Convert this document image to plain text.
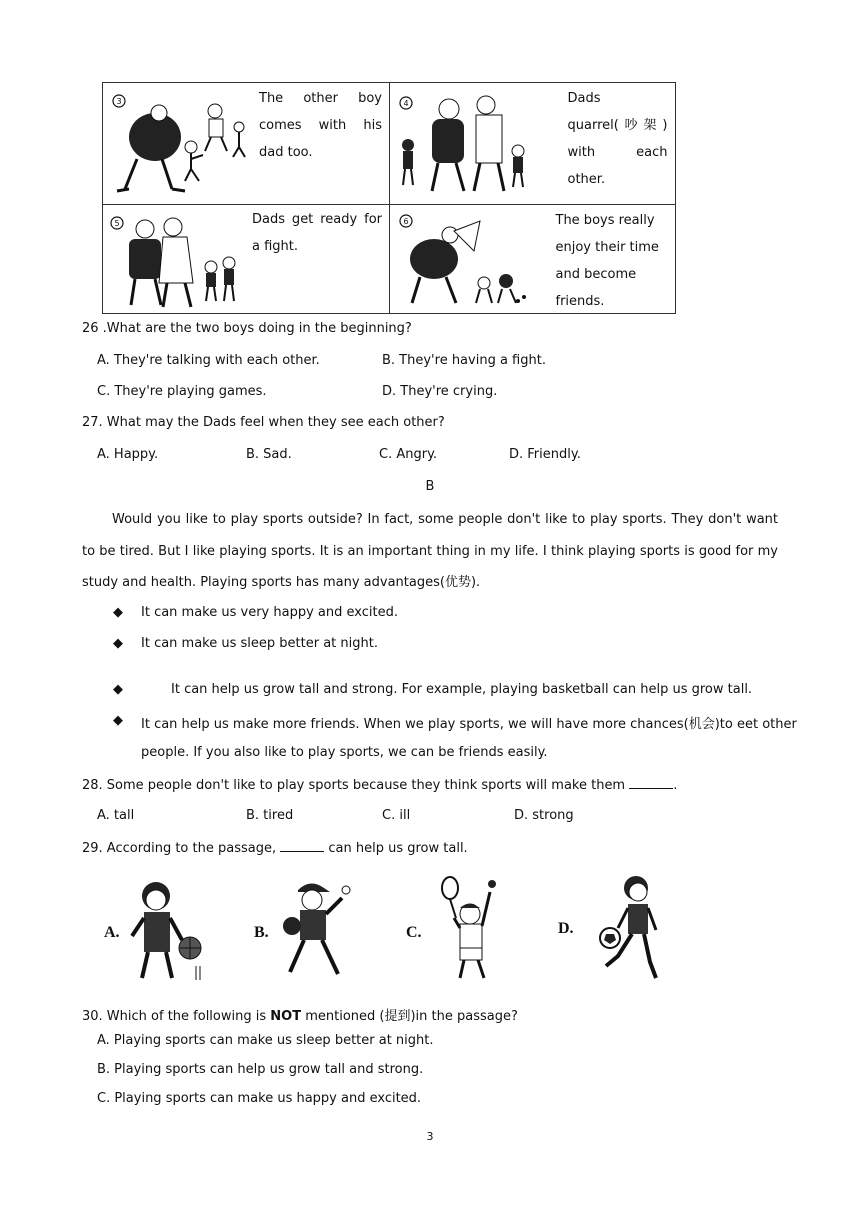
3 The other boy comes with his dad too.	4 Dads quarrel(吵架) with each other.

5 Dads get ready for a fight.	6 The boys really enjoy their time and become friends.
26 .What are the two boys doing in the beginning?
A. They're talking with each other.	B. They're having a fight.
C. They're playing games.	D. They're crying.
27. What may the Dads feel when they see each other?
A. Happy.	B. Sad.	C. Angry.	D. Friendly.
B
Would you like to play sports outside? In fact, some people don't like to play sports. They don't want to be tired. But I like playing sports. It is an important thing in my life. I think playing sports is good for my study and health. Playing sports has many advantages(优势).
◆ It can make us very happy and excited.
◆ It can make us sleep better at night.
◆	It can help us grow tall and strong. For example, playing basketball can help us grow tall.
◆ It can help us make more friends. When we play sports, we will have more chances(机会)to eet other
people. If you also like to play sports, we can be friends easily.
28. Some people don't like to play sports because they think sports will make them	.
A. tall	B. tired	C. ill	D. strong
29. According to the passage,	can help us grow tall.
A.	B.	C.	D.
30. Which of the following is NOT mentioned (提到)in the passage?
A. Playing sports can make us sleep better at night.
B. Playing sports can help us grow tall and strong.
C. Playing sports can make us happy and excited.
3
